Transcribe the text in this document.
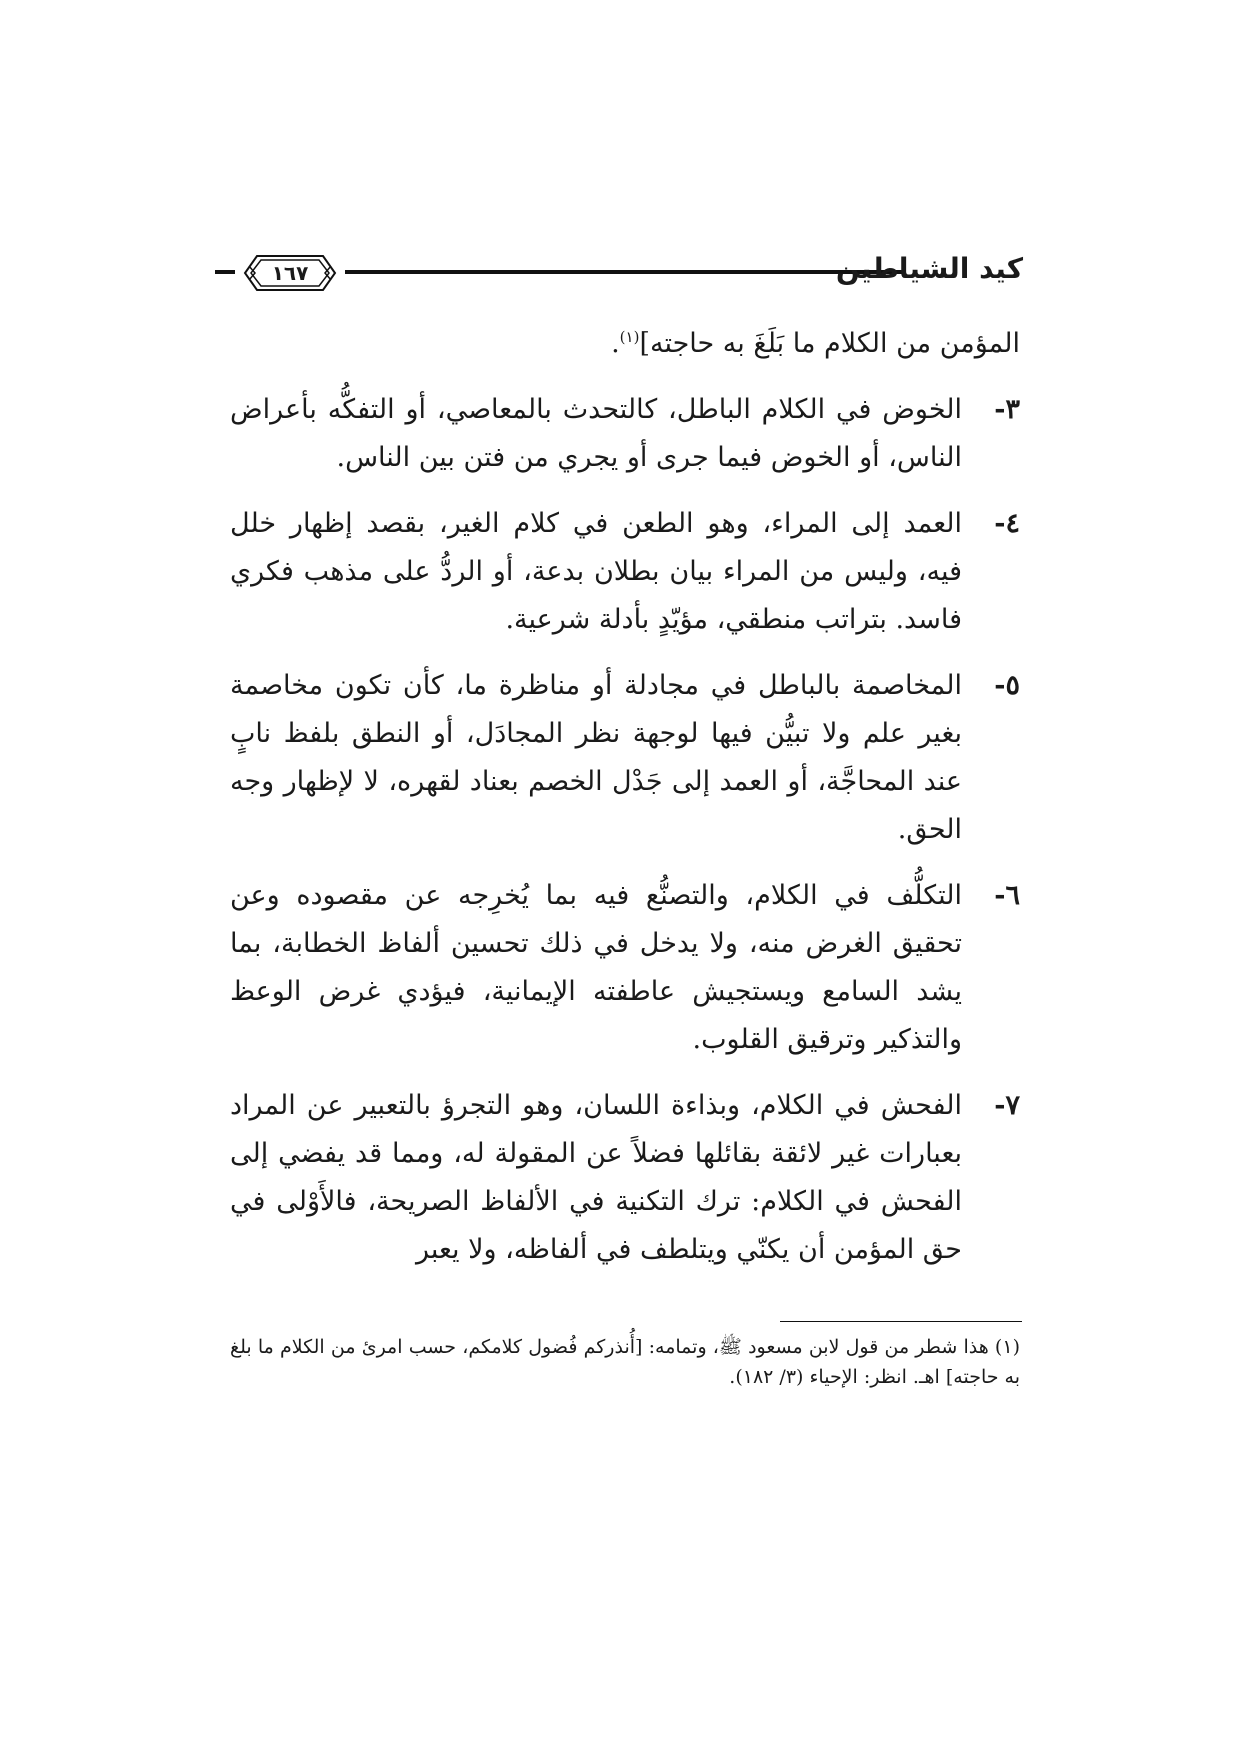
١٦٧	كيد الشياطين

المؤمن من الكلام ما بَلَغَ به حاجته]$^{(١)}$.

٣-
الخوض في الكلام الباطل، كالتحدث بالمعاصي، أو التفكُّه بأعراض الناس، أو الخوض فيما جرى أو يجري من فتن بين الناس.
٤-
العمد إلى المراء، وهو الطعن في كلام الغير، بقصد إظهار خلل فيه، وليس من المراء بيان بطلان بدعة، أو الردُّ على مذهب فكري فاسد. بتراتب منطقي، مؤيّدٍ بأدلة شرعية.
٥-
المخاصمة بالباطل في مجادلة أو مناظرة ما، كأن تكون مخاصمة بغير علم ولا تبيُّن فيها لوجهة نظر المجادَل، أو النطق بلفظ نابٍ عند المحاجَّة، أو العمد إلى جَدْل الخصم بعناد لقهره، لا لإظهار وجه الحق.
٦-
التكلُّف في الكلام، والتصنُّع فيه بما يُخرِجه عن مقصوده وعن تحقيق الغرض منه، ولا يدخل في ذلك تحسين ألفاظ الخطابة، بما يشد السامع ويستجيش عاطفته الإيمانية، فيؤدي غرض الوعظ والتذكير وترقيق القلوب.
٧-
الفحش في الكلام، وبذاءة اللسان، وهو التجرؤ بالتعبير عن المراد بعبارات غير لائقة بقائلها فضلاً عن المقولة له، ومما قد يفضي إلى الفحش في الكلام: ترك التكنية في الألفاظ الصريحة، فالأَوْلى في حق المؤمن أن يكنّي ويتلطف في ألفاظه، ولا يعبر
(١) هذا شطر من قول لابن مسعود ﷺ، وتمامه: [أُنذركم فُضول كلامكم، حسب امرئ من الكلام ما بلغ به حاجته] اهـ. انظر: الإحياء (٣/ ١٨٢).
